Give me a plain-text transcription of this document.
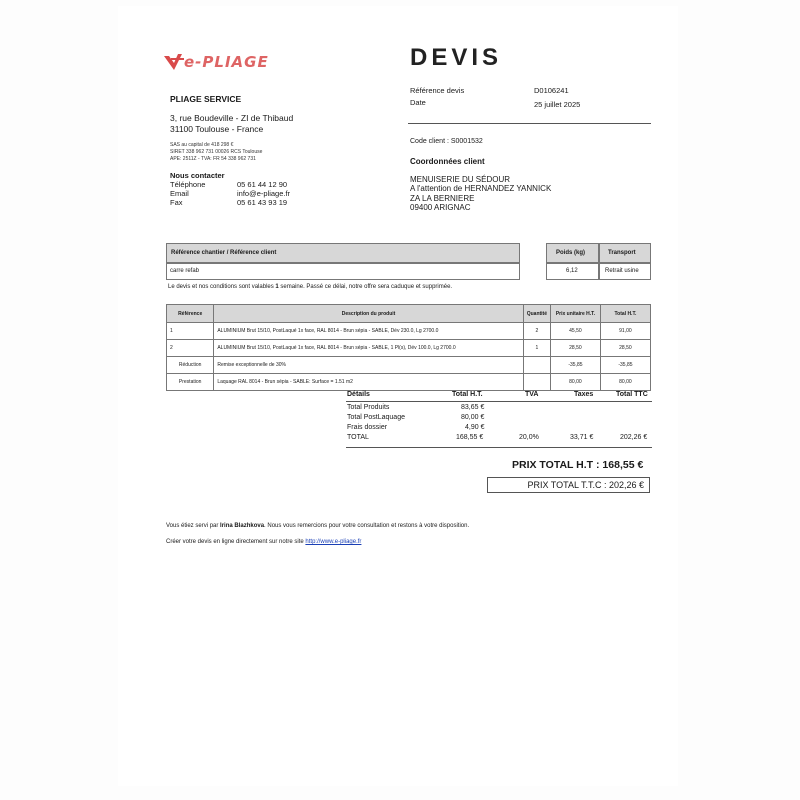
e-PLIAGE	DEVIS
PLIAGE SERVICE
3, rue Boudeville - ZI de Thibaud
31100 Toulouse - France
SAS au capital de 418 298 €
SIRET 338 962 731 00026 RCS Toulouse
APE: 2511Z - TVA: FR 54 338 962 731
Nous contacter
Téléphone	05 61 44 12 90
Email	info@e-pliage.fr
Fax	05 61 43 93 19
Référence devis	D0106241
Date	25 juillet 2025
Code client : S0001532
Coordonnées client
MENUISERIE DU SÉDOUR
A l'attention de HERNANDEZ YANNICK
ZA LA BERNIERE
09400 ARIGNAC
Référence chantier / Référence client
carre refab
Poids (kg)
6,12
Transport
Retrait usine
Le devis et nos conditions sont valables 1 semaine. Passé ce délai, notre offre sera caduque et supprimée.
Référence	Description du produit	Quantité	Prix unitaire H.T.	Total H.T.
1	ALUMINIUM Brut 15/10, PostLaqué 1x face, RAL 8014 - Brun sépia - SABLE, Dév 230.0, Lg 2700.0	2	45,50	91,00
2	ALUMINIUM Brut 15/10, PostLaqué 1x face, RAL 8014 - Brun sépia - SABLE, 1 Pl(s), Dév 100.0, Lg 2700.0	1	28,50	28,50
Réduction	Remise exceptionnelle de 30%		-35,85	-35,85
Prestation	Laquage RAL 8014 - Brun sépia - SABLE: Surface = 1.51 m2		80,00	80,00
Détails	Total H.T.	TVA	Taxes	Total TTC
Total Produits	83,65 €
Total PostLaquage	80,00 €
Frais dossier	4,90 €
TOTAL	168,55 €	20,0%	33,71 €	202,26 €
PRIX TOTAL H.T : 168,55 €
PRIX TOTAL T.T.C : 202,26 €
Vous étiez servi par Irina Blazhkova. Nous vous remercions pour votre consultation et restons à votre disposition.
Créer votre devis en ligne directement sur notre site http://www.e-pliage.fr
